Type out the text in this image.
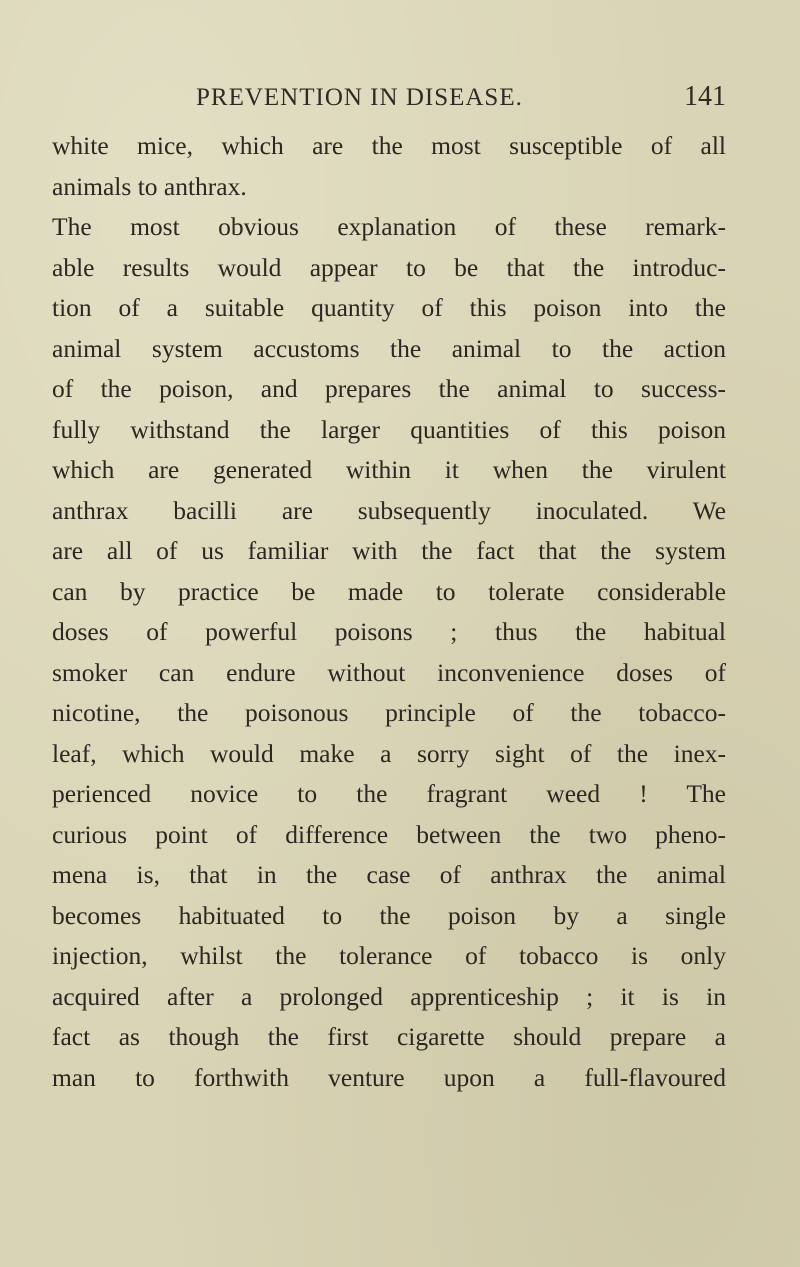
PREVENTION IN DISEASE.	141
white mice, which are the most susceptible of all
animals to anthrax.
The most obvious explanation of these remark-
able results would appear to be that the introduc-
tion of a suitable quantity of this poison into the
animal system accustoms the animal to the action
of the poison, and prepares the animal to success-
fully withstand the larger quantities of this poison
which are generated within it when the virulent
anthrax bacilli are subsequently inoculated. We
are all of us familiar with the fact that the system
can by practice be made to tolerate considerable
doses of powerful poisons ; thus the habitual
smoker can endure without inconvenience doses of
nicotine, the poisonous principle of the tobacco-
leaf, which would make a sorry sight of the inex-
perienced novice to the fragrant weed ! The
curious point of difference between the two pheno-
mena is, that in the case of anthrax the animal
becomes habituated to the poison by a single
injection, whilst the tolerance of tobacco is only
acquired after a prolonged apprenticeship ; it is in
fact as though the first cigarette should prepare a
man to forthwith venture upon a full-flavoured
